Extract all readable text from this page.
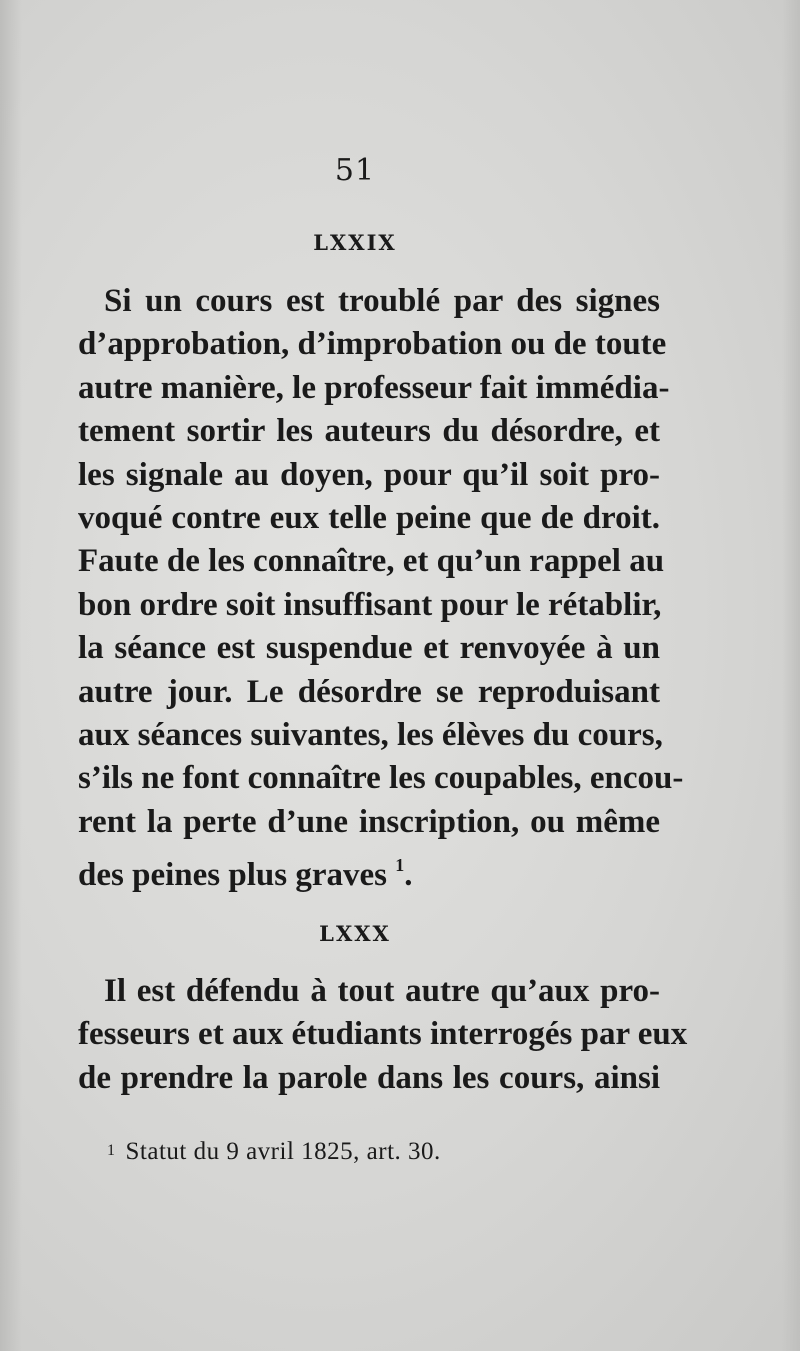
51
LXXIX
Si un cours est troublé par des signes
d’approbation, d’improbation ou de toute
autre manière, le professeur fait immédia-
tement sortir les auteurs du désordre, et
les signale au doyen, pour qu’il soit pro-
voqué contre eux telle peine que de droit.
Faute de les connaître, et qu’un rappel au
bon ordre soit insuffisant pour le rétablir,
la séance est suspendue et renvoyée à un
autre jour. Le désordre se reproduisant
aux séances suivantes, les élèves du cours,
s’ils ne font connaître les coupables, encou-
rent la perte d’une inscription, ou même
des peines plus graves $^1$.
LXXX
Il est défendu à tout autre qu’aux pro-
fesseurs et aux étudiants interrogés par eux
de prendre la parole dans les cours, ainsi
1 Statut du 9 avril 1825, art. 30.
